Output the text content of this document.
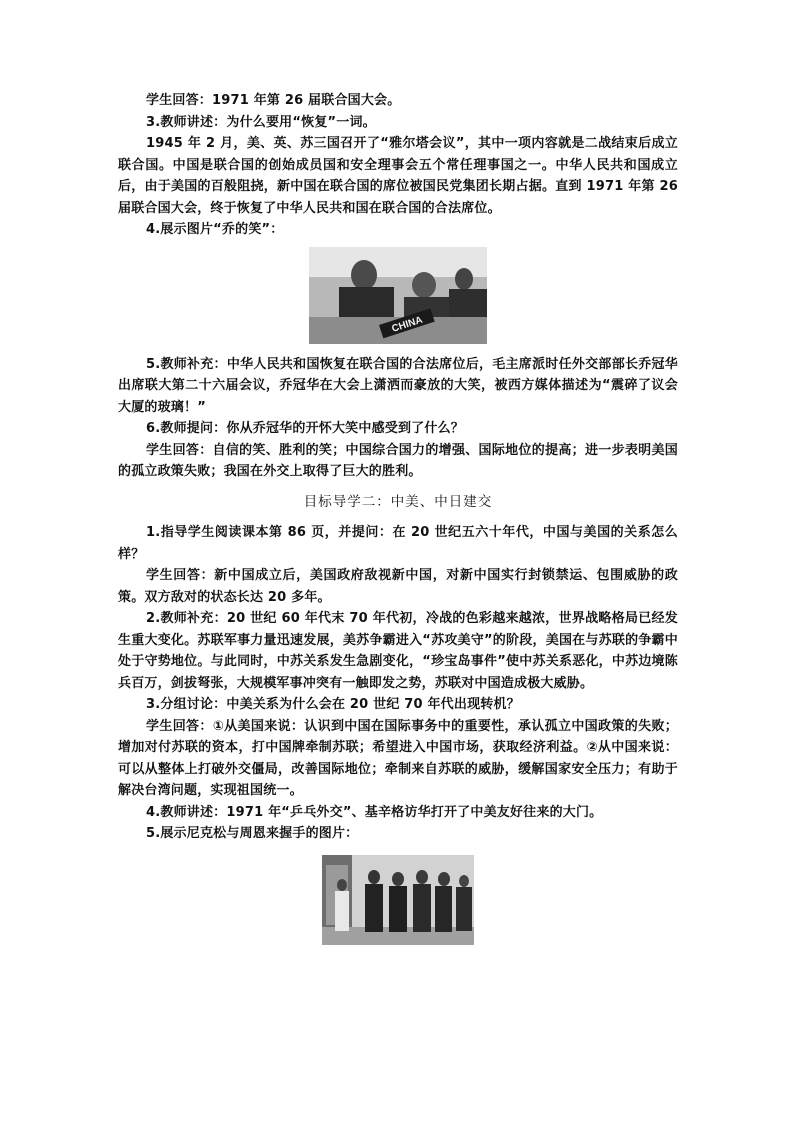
学生回答：1971 年第 26 届联合国大会。

3.教师讲述：为什么要用“恢复”一词。

1945 年 2 月，美、英、苏三国召开了“雅尔塔会议”，其中一项内容就是二战结束后成立联合国。中国是联合国的创始成员国和安全理事会五个常任理事国之一。中华人民共和国成立后，由于美国的百般阻挠，新中国在联合国的席位被国民党集团长期占据。直到 1971 年第 26 届联合国大会，终于恢复了中华人民共和国在联合国的合法席位。

4.展示图片“乔的笑”：

CHINA

5.教师补充：中华人民共和国恢复在联合国的合法席位后，毛主席派时任外交部部长乔冠华出席联大第二十六届会议，乔冠华在大会上潇洒而豪放的大笑，被西方媒体描述为“震碎了议会大厦的玻璃！”

6.教师提问：你从乔冠华的开怀大笑中感受到了什么？

学生回答：自信的笑、胜利的笑；中国综合国力的增强、国际地位的提高；进一步表明美国的孤立政策失败；我国在外交上取得了巨大的胜利。

目标导学二：中美、中日建交

1.指导学生阅读课本第 86 页，并提问：在 20 世纪五六十年代，中国与美国的关系怎么样？

学生回答：新中国成立后，美国政府敌视新中国，对新中国实行封锁禁运、包围威胁的政策。双方敌对的状态长达 20 多年。

2.教师补充：20 世纪 60 年代末 70 年代初，冷战的色彩越来越浓，世界战略格局已经发生重大变化。苏联军事力量迅速发展，美苏争霸进入“苏攻美守”的阶段，美国在与苏联的争霸中处于守势地位。与此同时，中苏关系发生急剧变化，“珍宝岛事件”使中苏关系恶化，中苏边境陈兵百万，剑拔弩张，大规模军事冲突有一触即发之势，苏联对中国造成极大威胁。

3.分组讨论：中美关系为什么会在 20 世纪 70 年代出现转机？

学生回答：①从美国来说：认识到中国在国际事务中的重要性，承认孤立中国政策的失败；增加对付苏联的资本，打中国牌牵制苏联；希望进入中国市场，获取经济利益。②从中国来说：可以从整体上打破外交僵局，改善国际地位；牵制来自苏联的威胁，缓解国家安全压力；有助于解决台湾问题，实现祖国统一。

4.教师讲述：1971 年“乒乓外交”、基辛格访华打开了中美友好往来的大门。

5.展示尼克松与周恩来握手的图片：
